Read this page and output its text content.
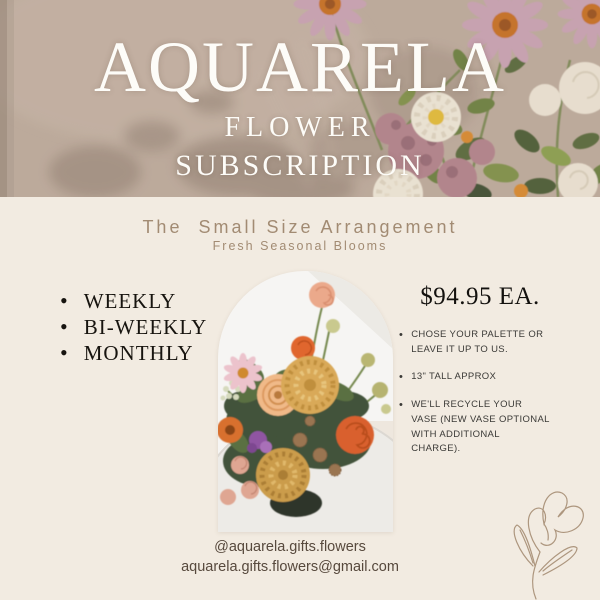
AQUARELA
FLOWER
SUBSCRIPTION
The  Small Size Arrangement
Fresh Seasonal Blooms
• WEEKLY
• BI-WEEKLY
• MONTHLY

$94.95 EA.

• CHOSE YOUR PALETTE OR LEAVE IT UP TO US.
• 13" TALL APPROX
• WE'LL RECYCLE YOUR VASE (NEW VASE OPTIONAL WITH ADDITIONAL CHARGE).
@aquarela.gifts.flowers
aquarela.gifts.flowers@gmail.com
